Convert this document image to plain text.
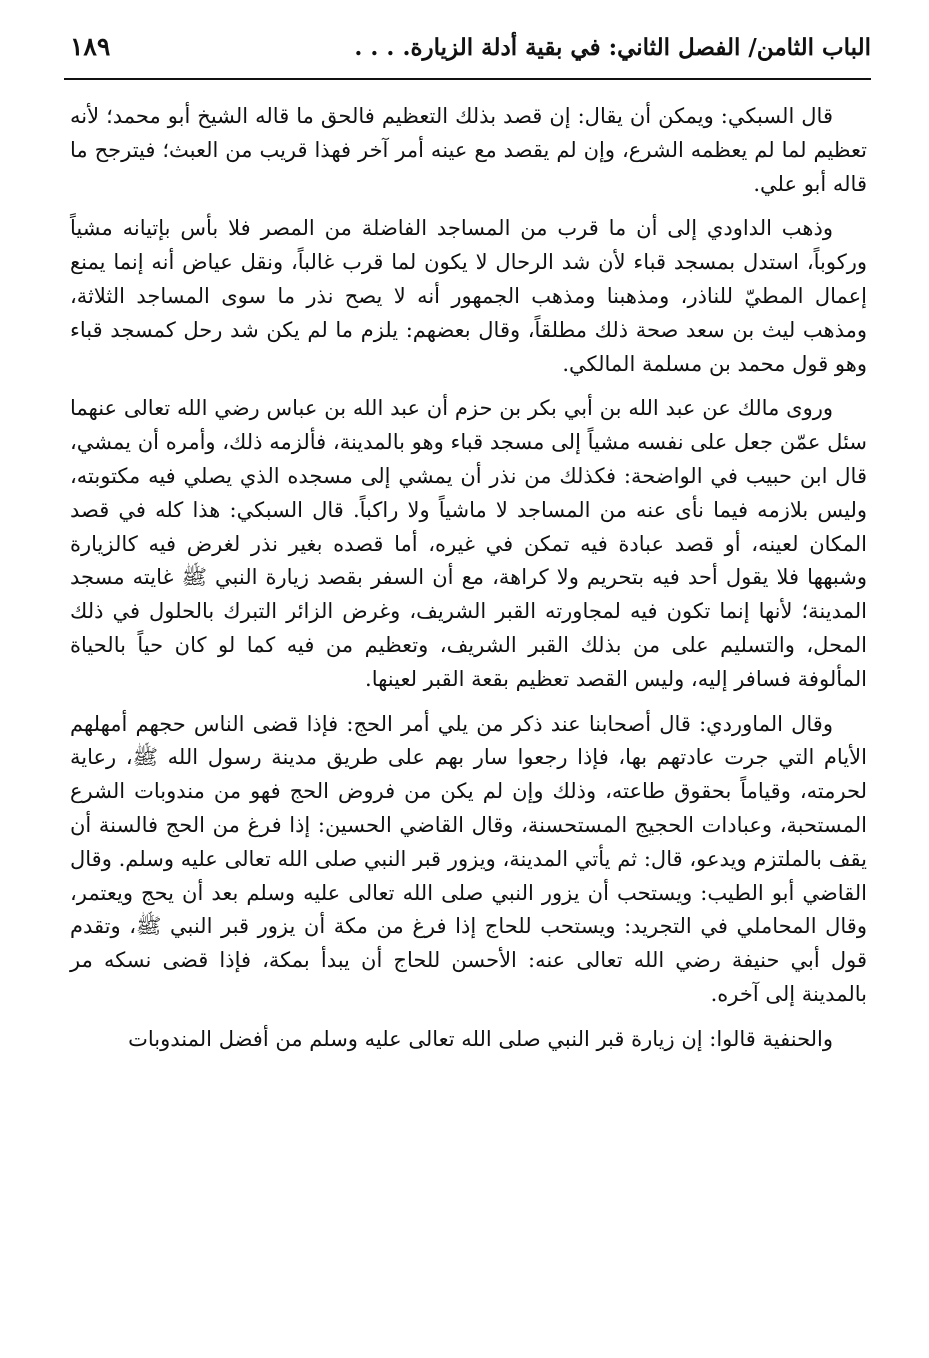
الباب الثامن/ الفصل الثاني: في بقية أدلة الزيارة. . . .
١٨٩

قال السبكي: ويمكن أن يقال: إن قصد بذلك التعظيم فالحق ما قاله الشيخ أبو محمد؛ لأنه تعظيم لما لم يعظمه الشرع، وإن لم يقصد مع عينه أمر آخر فهذا قريب من العبث؛ فيترجح ما قاله أبو علي.

وذهب الداودي إلى أن ما قرب من المساجد الفاضلة من المصر فلا بأس بإتيانه مشياً وركوباً، استدل بمسجد قباء لأن شد الرحال لا يكون لما قرب غالباً، ونقل عياض أنه إنما يمنع إعمال المطيّ للناذر، ومذهبنا ومذهب الجمهور أنه لا يصح نذر ما سوى المساجد الثلاثة، ومذهب ليث بن سعد صحة ذلك مطلقاً، وقال بعضهم: يلزم ما لم يكن شد رحل كمسجد قباء وهو قول محمد بن مسلمة المالكي.

وروى مالك عن عبد الله بن أبي بكر بن حزم أن عبد الله بن عباس رضي الله تعالى عنهما سئل عمّن جعل على نفسه مشياً إلى مسجد قباء وهو بالمدينة، فألزمه ذلك، وأمره أن يمشي، قال ابن حبيب في الواضحة: فكذلك من نذر أن يمشي إلى مسجده الذي يصلي فيه مكتوبته، وليس بلازمه فيما نأى عنه من المساجد لا ماشياً ولا راكباً. قال السبكي: هذا كله في قصد المكان لعينه، أو قصد عبادة فيه تمكن في غيره، أما قصده بغير نذر لغرض فيه كالزيارة وشبهها فلا يقول أحد فيه بتحريم ولا كراهة، مع أن السفر بقصد زيارة النبي ﷺ غايته مسجد المدينة؛ لأنها إنما تكون فيه لمجاورته القبر الشريف، وغرض الزائر التبرك بالحلول في ذلك المحل، والتسليم على من بذلك القبر الشريف، وتعظيم من فيه كما لو كان حياً بالحياة المألوفة فسافر إليه، وليس القصد تعظيم بقعة القبر لعينها.

وقال الماوردي: قال أصحابنا عند ذكر من يلي أمر الحج: فإذا قضى الناس حجهم أمهلهم الأيام التي جرت عادتهم بها، فإذا رجعوا سار بهم على طريق مدينة رسول الله ﷺ، رعاية لحرمته، وقياماً بحقوق طاعته، وذلك وإن لم يكن من فروض الحج فهو من مندوبات الشرع المستحبة، وعبادات الحجيج المستحسنة، وقال القاضي الحسين: إذا فرغ من الحج فالسنة أن يقف بالملتزم ويدعو، قال: ثم يأتي المدينة، ويزور قبر النبي صلى الله تعالى عليه وسلم. وقال القاضي أبو الطيب: ويستحب أن يزور النبي صلى الله تعالى عليه وسلم بعد أن يحج ويعتمر، وقال المحاملي في التجريد: ويستحب للحاج إذا فرغ من مكة أن يزور قبر النبي ﷺ، وتقدم قول أبي حنيفة رضي الله تعالى عنه: الأحسن للحاج أن يبدأ بمكة، فإذا قضى نسكه مر بالمدينة إلى آخره.

والحنفية قالوا: إن زيارة قبر النبي صلى الله تعالى عليه وسلم من أفضل المندوبات
